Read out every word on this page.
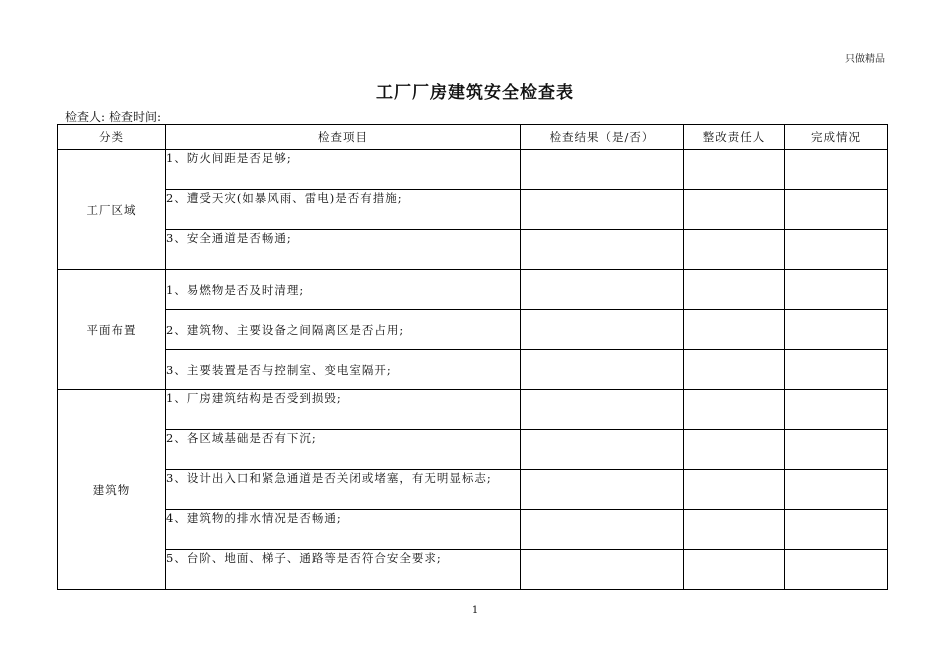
只做精品
工厂厂房建筑安全检查表
检查人: 检查时间:
分类	检查项目	检查结果（是/否）	整改责任人	完成情况
工厂区域	1、防火间距是否足够;			
	2、遭受天灾(如暴风雨、雷电)是否有措施;			
	3、安全通道是否畅通;			
平面布置	1、易燃物是否及时清理;			
	2、建筑物、主要设备之间隔离区是否占用;			
	3、主要装置是否与控制室、变电室隔开;			
建筑物	1、厂房建筑结构是否受到损毁;			
	2、各区域基础是否有下沉;			
	3、设计出入口和紧急通道是否关闭或堵塞，有无明显标志;			
	4、建筑物的排水情况是否畅通;			
	5、台阶、地面、梯子、通路等是否符合安全要求;			
1
